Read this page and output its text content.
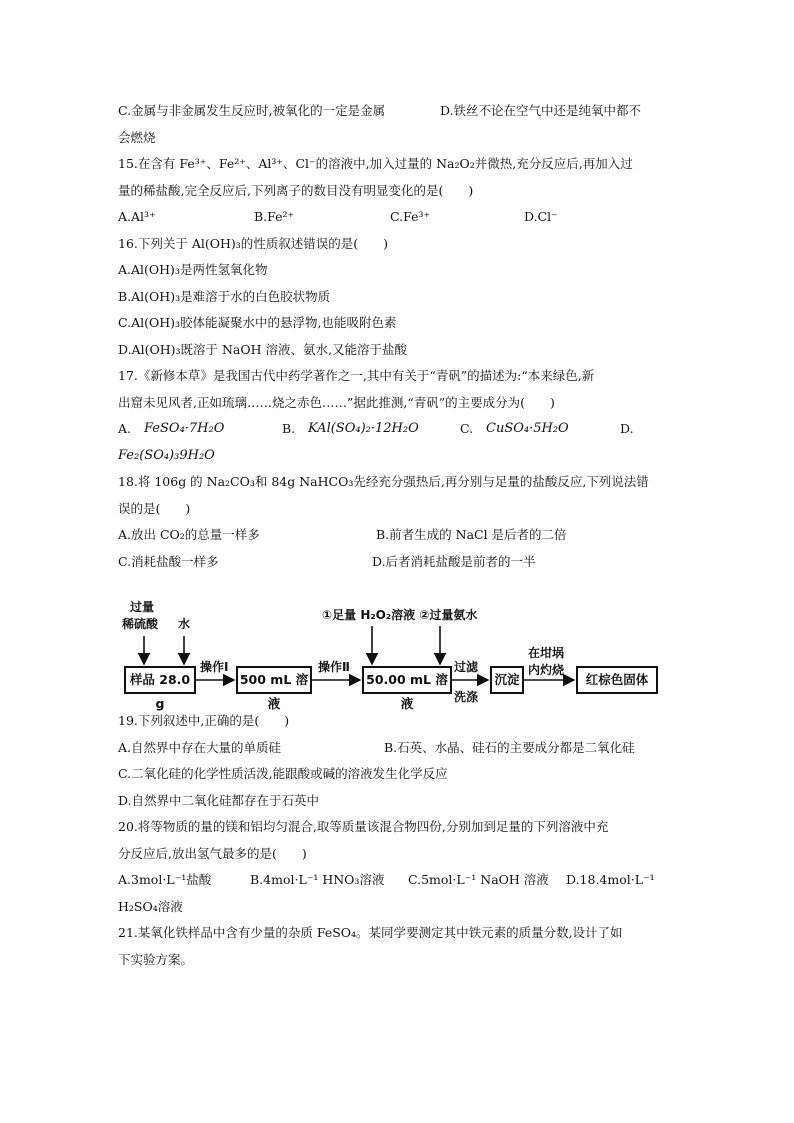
C.金属与非金属发生反应时,被氧化的一定是金属	D.铁丝不论在空气中还是纯氧中都不
会燃烧
15.在含有 Fe³⁺、Fe²⁺、Al³⁺、Cl⁻的溶液中,加入过量的 Na₂O₂并微热,充分反应后,再加入过
量的稀盐酸,完全反应后,下列离子的数目没有明显变化的是(　　)
A.Al³⁺	B.Fe²⁺	C.Fe³⁺	D.Cl⁻
16.下列关于 Al(OH)₃的性质叙述错误的是(　　)
A.Al(OH)₃是两性氢氧化物
B.Al(OH)₃是难溶于水的白色胶状物质
C.Al(OH)₃胶体能凝聚水中的悬浮物,也能吸附色素
D.Al(OH)₃既溶于 NaOH 溶液、氨水,又能溶于盐酸
17.《新修本草》是我国古代中药学著作之一,其中有关于“青矾”的描述为:“本来绿色,新
出窟未见风者,正如琉璃……烧之赤色……”据此推测,“青矾”的主要成分为(　　)
A. FeSO₄·7H₂O	B. KAl(SO₄)₂·12H₂O	C. CuSO₄·5H₂O	D.
Fe₂(SO₄)₃9H₂O
18.将 106g 的 Na₂CO₃和 84g NaHCO₃先经充分强热后,再分别与足量的盐酸反应,下列说法错
误的是(　　)
A.放出 CO₂的总量一样多	B.前者生成的 NaCl 是后者的二倍
C.消耗盐酸一样多	D.后者消耗盐酸是前者的一半
过量
稀硫酸 水
①足量 H₂O₂溶液 ②过量氨水
样品 28.0 g
操作Ⅰ
500 mL 溶液
操作Ⅱ
50.00 mL 溶液
过滤
洗涤
沉淀
在坩埚
内灼烧
红棕色固体
19.下列叙述中,正确的是(　　)
A.自然界中存在大量的单质硅	B.石英、水晶、硅石的主要成分都是二氧化硅
C.二氧化硅的化学性质活泼,能跟酸或碱的溶液发生化学反应
D.自然界中二氧化硅都存在于石英中
20.将等物质的量的镁和铝均匀混合,取等质量该混合物四份,分别加到足量的下列溶液中充
分反应后,放出氢气最多的是(　　)
A.3mol·L⁻¹盐酸	B.4mol·L⁻¹ HNO₃溶液 C.5mol·L⁻¹ NaOH 溶液 D.18.4mol·L⁻¹
H₂SO₄溶液
21.某氧化铁样品中含有少量的杂质 FeSO₄。某同学要测定其中铁元素的质量分数,设计了如
下实验方案。
